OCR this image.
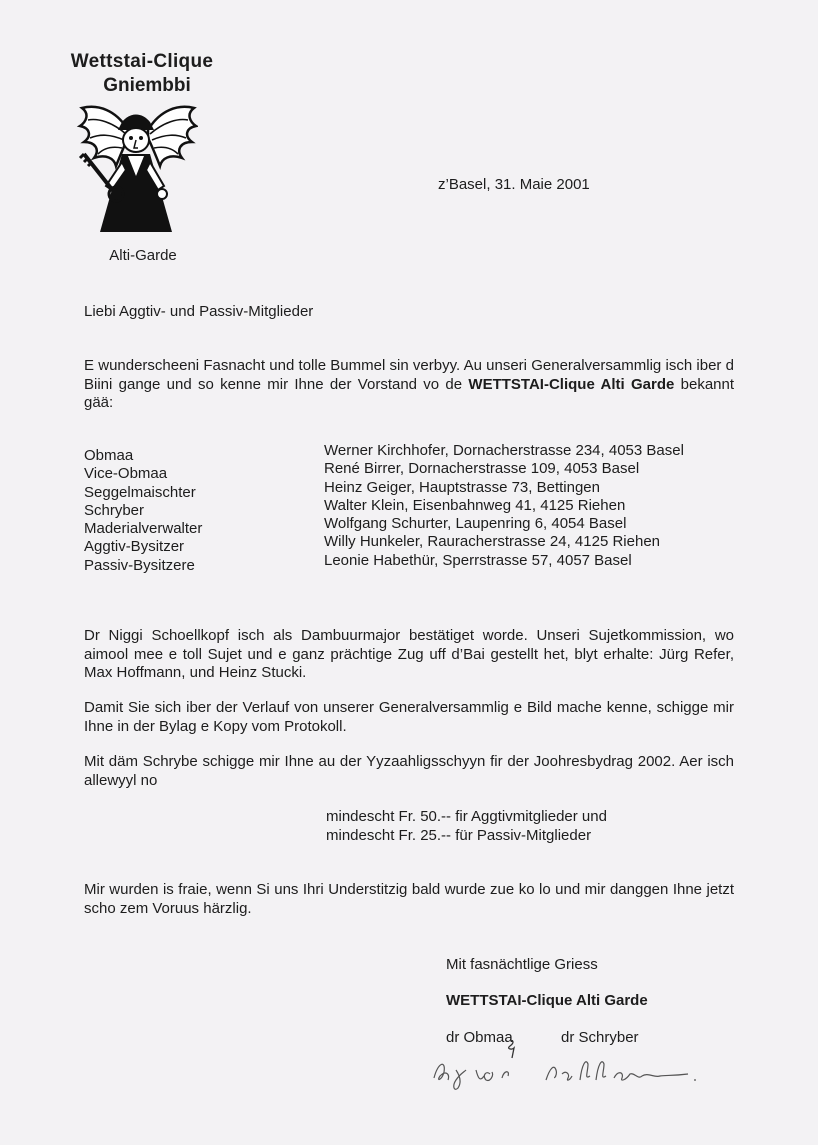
Wettstai-Clique
Gniembbi
Alti-Garde
z’Basel, 31. Maie 2001
Liebi Aggtiv- und Passiv-Mitglieder
E wunderscheeni Fasnacht und tolle Bummel sin verbyy. Au unseri Generalversammlig isch iber d Biini gange und so kenne mir Ihne der Vorstand vo de WETTSTAI-Clique Alti Garde bekannt gää:
Obmaa	Werner Kirchhofer, Dornacherstrasse 234, 4053 Basel
Vice-Obmaa	René Birrer, Dornacherstrasse 109, 4053 Basel
Seggelmaischter	Heinz Geiger, Hauptstrasse 73, Bettingen
Schryber	Walter Klein, Eisenbahnweg 41, 4125 Riehen
Maderialverwalter	Wolfgang Schurter, Laupenring 6, 4054 Basel
Aggtiv-Bysitzer	Willy Hunkeler, Rauracherstrasse 24, 4125 Riehen
Passiv-Bysitzere	Leonie Habethür, Sperrstrasse 57, 4057 Basel
Dr Niggi Schoellkopf isch als Dambuurmajor bestätiget worde. Unseri Sujetkommission, wo aimool mee e toll Sujet und e ganz prächtige Zug uff d’Bai gestellt het, blyt erhalte: Jürg Refer, Max Hoffmann, und Heinz Stucki.
Damit Sie sich iber der Verlauf von unserer Generalversammlig e Bild mache kenne, schigge mir Ihne in der Bylag e Kopy vom Protokoll.
Mit däm Schrybe schigge mir Ihne au der Yyzaahligsschyyn fir der Joohresbydrag 2002. Aer isch allewyyl no
mindescht Fr. 50.-- fir Aggtivmitglieder und
mindescht Fr. 25.-- für Passiv-Mitglieder
Mir wurden is fraie, wenn Si uns Ihri Understitzig bald wurde zue ko lo und mir danggen Ihne jetzt scho zem Voruus härzlig.
Mit fasnächtlige Griess
WETTSTAI-Clique Alti Garde
dr Obmaa	dr Schryber
